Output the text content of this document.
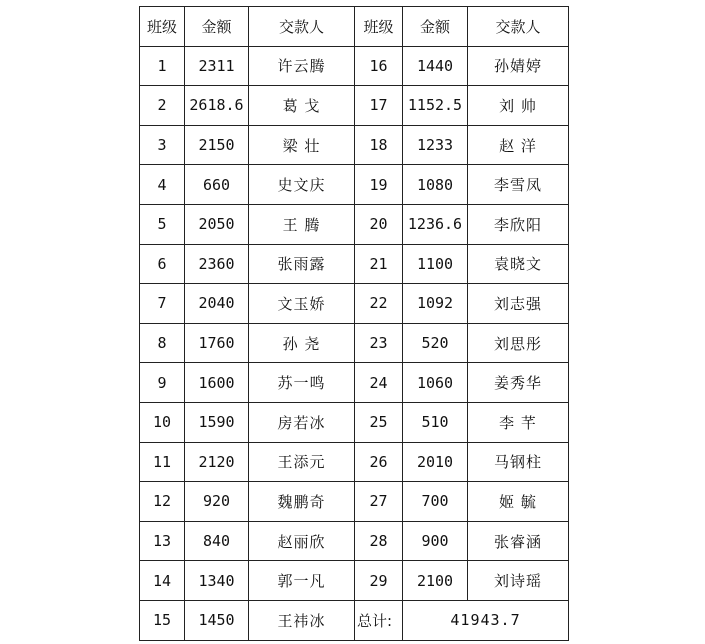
班级	金额	交款人	班级	金额	交款人
1	2311	许云腾	16	1440	孙婧婷
2	2618.6	葛 戈	17	1152.5	刘 帅
3	2150	梁 壮	18	1233	赵 洋
4	660	史文庆	19	1080	李雪凤
5	2050	王 腾	20	1236.6	李欣阳
6	2360	张雨露	21	1100	袁晓文
7	2040	文玉娇	22	1092	刘志强
8	1760	孙 尧	23	520	刘思彤
9	1600	苏一鸣	24	1060	姜秀华
10	1590	房若冰	25	510	李 芊
11	2120	王添元	26	2010	马钢柱
12	920	魏鹏奇	27	700	姬 毓
13	840	赵丽欣	28	900	张睿涵
14	1340	郭一凡	29	2100	刘诗瑶
15	1450	王祎冰	总计:	41943.7	
